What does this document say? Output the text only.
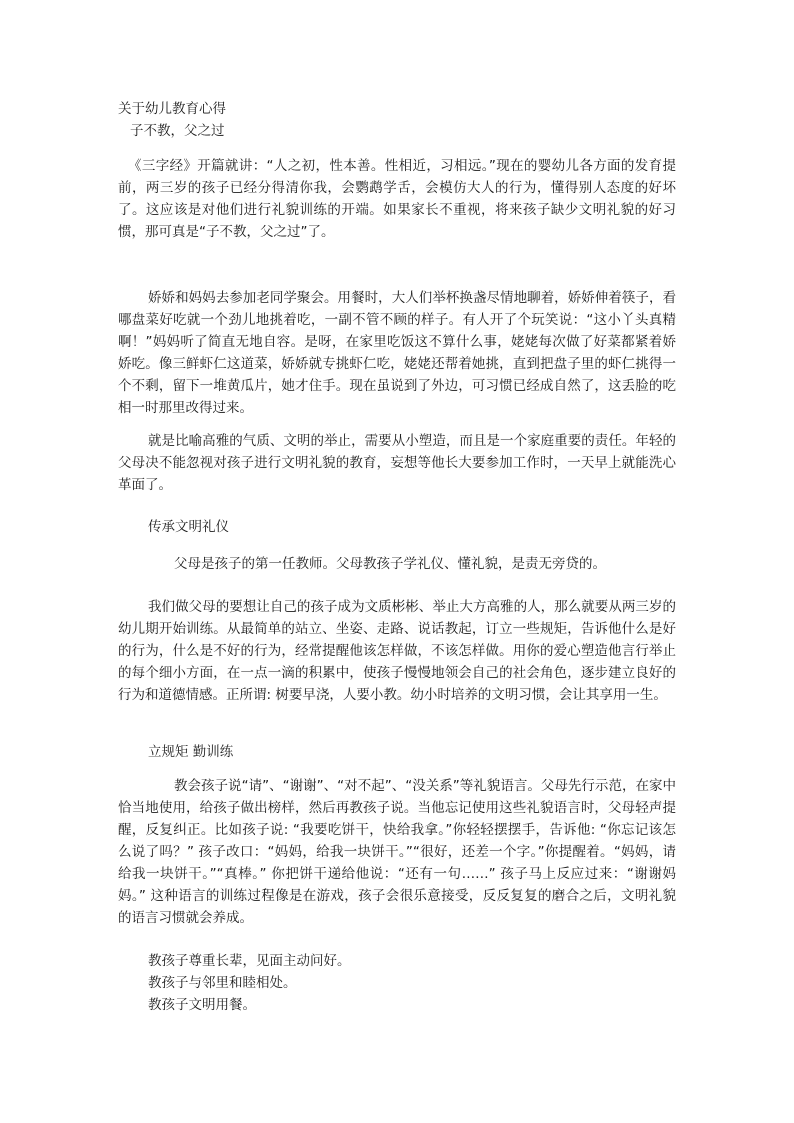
关于幼儿教育心得
子不教，父之过

《三字经》开篇就讲：“人之初，性本善。性相近，习相远。”现在的婴幼儿各方面的发育提前，两三岁的孩子已经分得清你我，会鹦鹉学舌，会模仿大人的行为，懂得别人态度的好坏了。这应该是对他们进行礼貌训练的开端。如果家长不重视，将来孩子缺少文明礼貌的好习惯，那可真是“子不教，父之过”了。

娇娇和妈妈去参加老同学聚会。用餐时，大人们举杯换盏尽情地聊着，娇娇伸着筷子，看哪盘菜好吃就一个劲儿地挑着吃，一副不管不顾的样子。有人开了个玩笑说：“这小丫头真精啊！”妈妈听了简直无地自容。是呀，在家里吃饭这不算什么事，姥姥每次做了好菜都紧着娇娇吃。像三鲜虾仁这道菜，娇娇就专挑虾仁吃，姥姥还帮着她挑，直到把盘子里的虾仁挑得一个不剩，留下一堆黄瓜片，她才住手。现在虽说到了外边，可习惯已经成自然了，这丢脸的吃相一时那里改得过来。

就是比喻高雅的气质、文明的举止，需要从小塑造，而且是一个家庭重要的责任。年轻的父母决不能忽视对孩子进行文明礼貌的教育，妄想等他长大要参加工作时，一天早上就能洗心革面了。

传承文明礼仪

父母是孩子的第一任教师。父母教孩子学礼仪、懂礼貌，是责无旁贷的。

我们做父母的要想让自己的孩子成为文质彬彬、举止大方高雅的人，那么就要从两三岁的幼儿期开始训练。从最简单的站立、坐姿、走路、说话教起，订立一些规矩，告诉他什么是好的行为，什么是不好的行为，经常提醒他该怎样做，不该怎样做。用你的爱心塑造他言行举止的每个细小方面，在一点一滴的积累中，使孩子慢慢地领会自己的社会角色，逐步建立良好的行为和道德情感。正所谓: 树要早浇，人要小教。幼小时培养的文明习惯，会让其享用一生。

立规矩 勤训练

教会孩子说“请”、“谢谢”、“对不起”、“没关系”等礼貌语言。父母先行示范，在家中恰当地使用，给孩子做出榜样，然后再教孩子说。当他忘记使用这些礼貌语言时，父母轻声提醒，反复纠正。比如孩子说: “我要吃饼干，快给我拿。”你轻轻摆摆手，告诉他: “你忘记该怎么说了吗？” 孩子改口：“妈妈，给我一块饼干。”“很好，还差一个字。”你提醒着。“妈妈，请给我一块饼干。”“真棒。” 你把饼干递给他说：“还有一句……” 孩子马上反应过来：“谢谢妈妈。” 这种语言的训练过程像是在游戏，孩子会很乐意接受，反反复复的磨合之后，文明礼貌的语言习惯就会养成。

教孩子尊重长辈，见面主动问好。
教孩子与邻里和睦相处。
教孩子文明用餐。
